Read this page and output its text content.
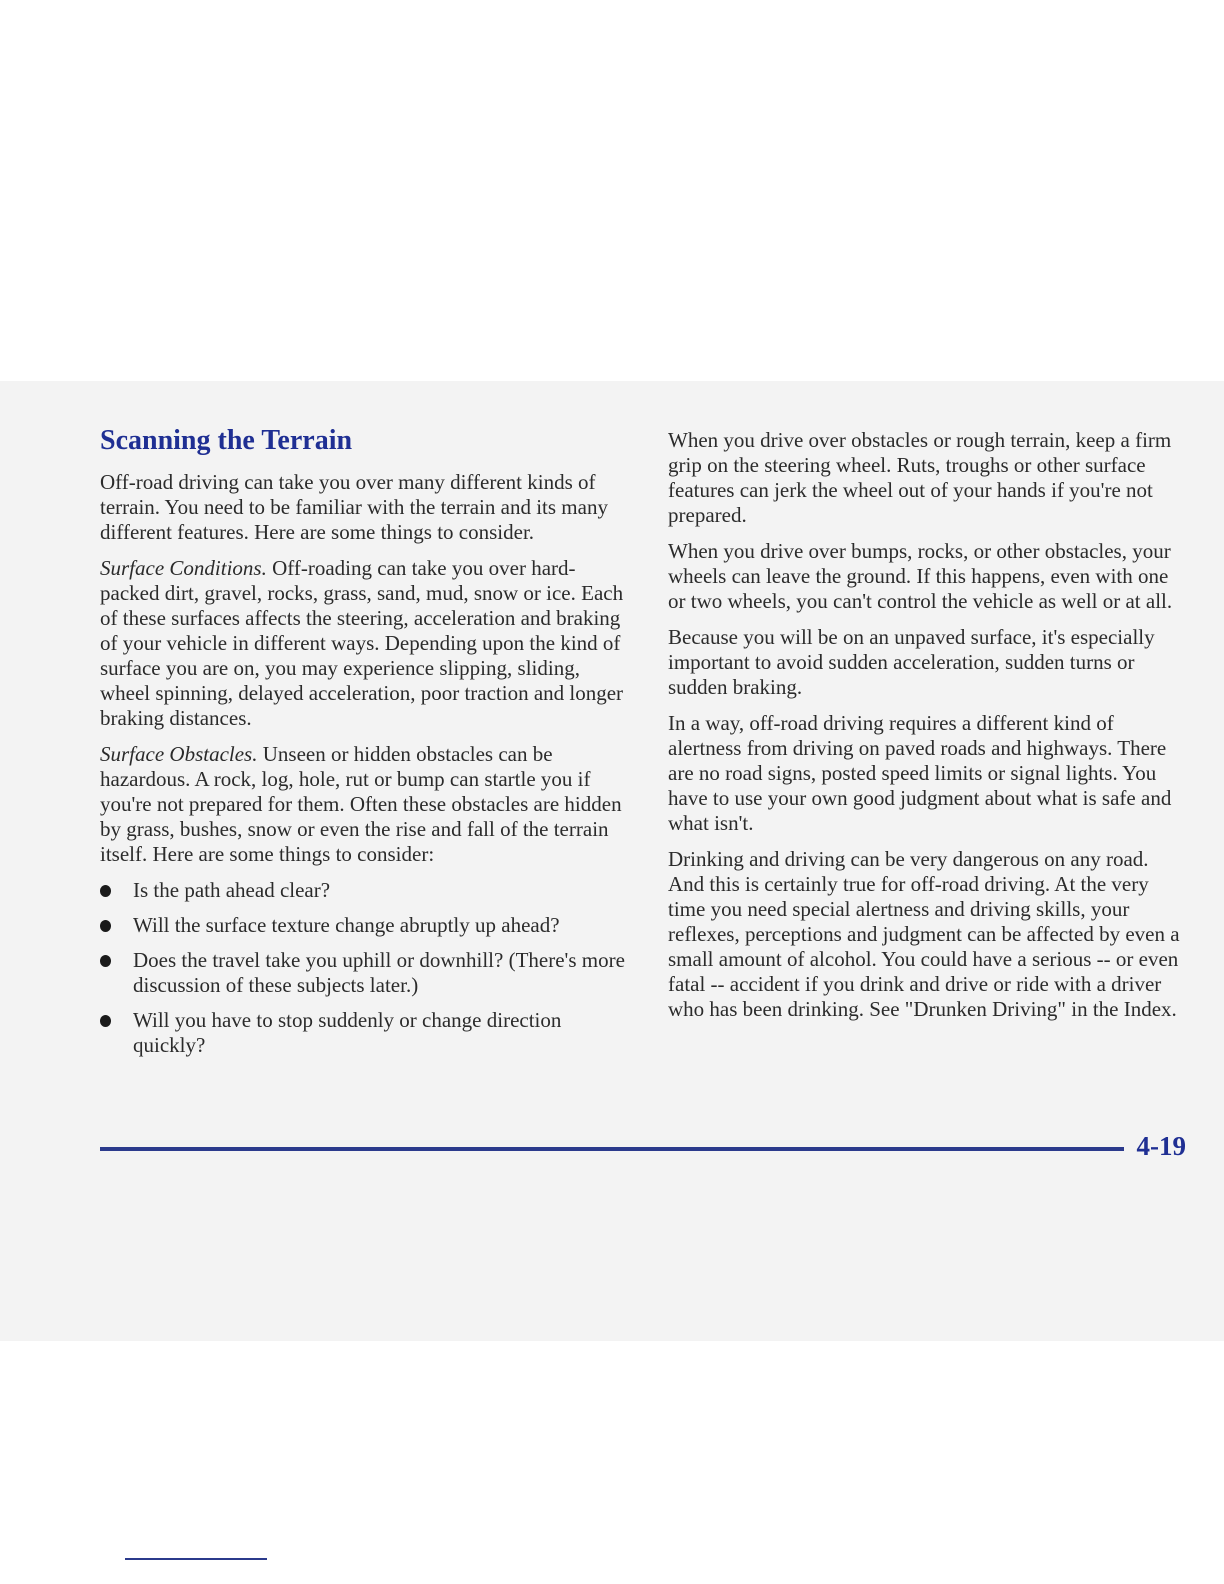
Scanning the Terrain

Off-road driving can take you over many different kinds of terrain. You need to be familiar with the terrain and its many different features. Here are some things to consider.

Surface Conditions. Off-roading can take you over hard-packed dirt, gravel, rocks, grass, sand, mud, snow or ice. Each of these surfaces affects the steering, acceleration and braking of your vehicle in different ways. Depending upon the kind of surface you are on, you may experience slipping, sliding, wheel spinning, delayed acceleration, poor traction and longer braking distances.

Surface Obstacles. Unseen or hidden obstacles can be hazardous. A rock, log, hole, rut or bump can startle you if you're not prepared for them. Often these obstacles are hidden by grass, bushes, snow or even the rise and fall of the terrain itself. Here are some things to consider:

Is the path ahead clear?
Will the surface texture change abruptly up ahead?
Does the travel take you uphill or downhill? (There's more discussion of these subjects later.)
Will you have to stop suddenly or change direction quickly?

When you drive over obstacles or rough terrain, keep a firm grip on the steering wheel. Ruts, troughs or other surface features can jerk the wheel out of your hands if you're not prepared.

When you drive over bumps, rocks, or other obstacles, your wheels can leave the ground. If this happens, even with one or two wheels, you can't control the vehicle as well or at all.

Because you will be on an unpaved surface, it's especially important to avoid sudden acceleration, sudden turns or sudden braking.

In a way, off-road driving requires a different kind of alertness from driving on paved roads and highways. There are no road signs, posted speed limits or signal lights. You have to use your own good judgment about what is safe and what isn't.

Drinking and driving can be very dangerous on any road. And this is certainly true for off-road driving. At the very time you need special alertness and driving skills, your reflexes, perceptions and judgment can be affected by even a small amount of alcohol. You could have a serious -- or even fatal -- accident if you drink and drive or ride with a driver who has been drinking. See "Drunken Driving" in the Index.

4-19
